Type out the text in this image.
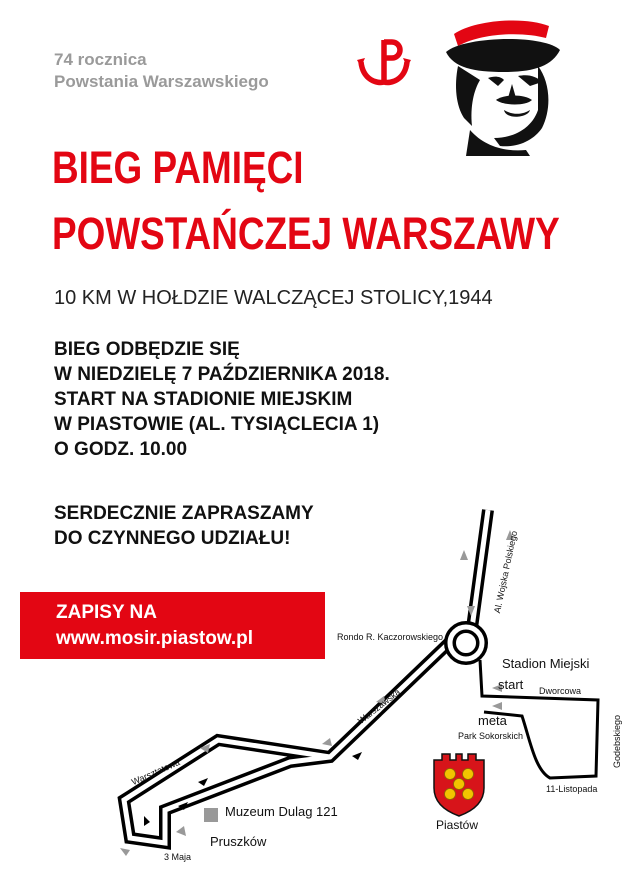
74 rocznica
Powstania Warszawskiego
BIEG PAMIĘCI
POWSTAŃCZEJ WARSZAWY
10 KM W HOŁDZIE WALCZĄCEJ STOLICY,1944
BIEG ODBĘDZIE SIĘ
W NIEDZIELĘ 7 PAŹDZIERNIKA 2018.
START NA STADIONIE MIEJSKIM
W PIASTOWIE (AL. TYSIĄCLECIA 1)
O GODZ. 10.00
SERDECZNIE ZAPRASZAMY
DO CZYNNEGO UDZIAŁU!
ZAPISY NA
www.mosir.piastow.pl
Al. Wojska Polskiego
Rondo R. Kaczorowskiego
Stadion Miejski
start Dworcowa
meta
Park Sokorskich	Godebskiego
11-Listopada
Warszawska
Warsztatowa
Muzeum Dulag 121
Pruszków
3 Maja
Piastów
